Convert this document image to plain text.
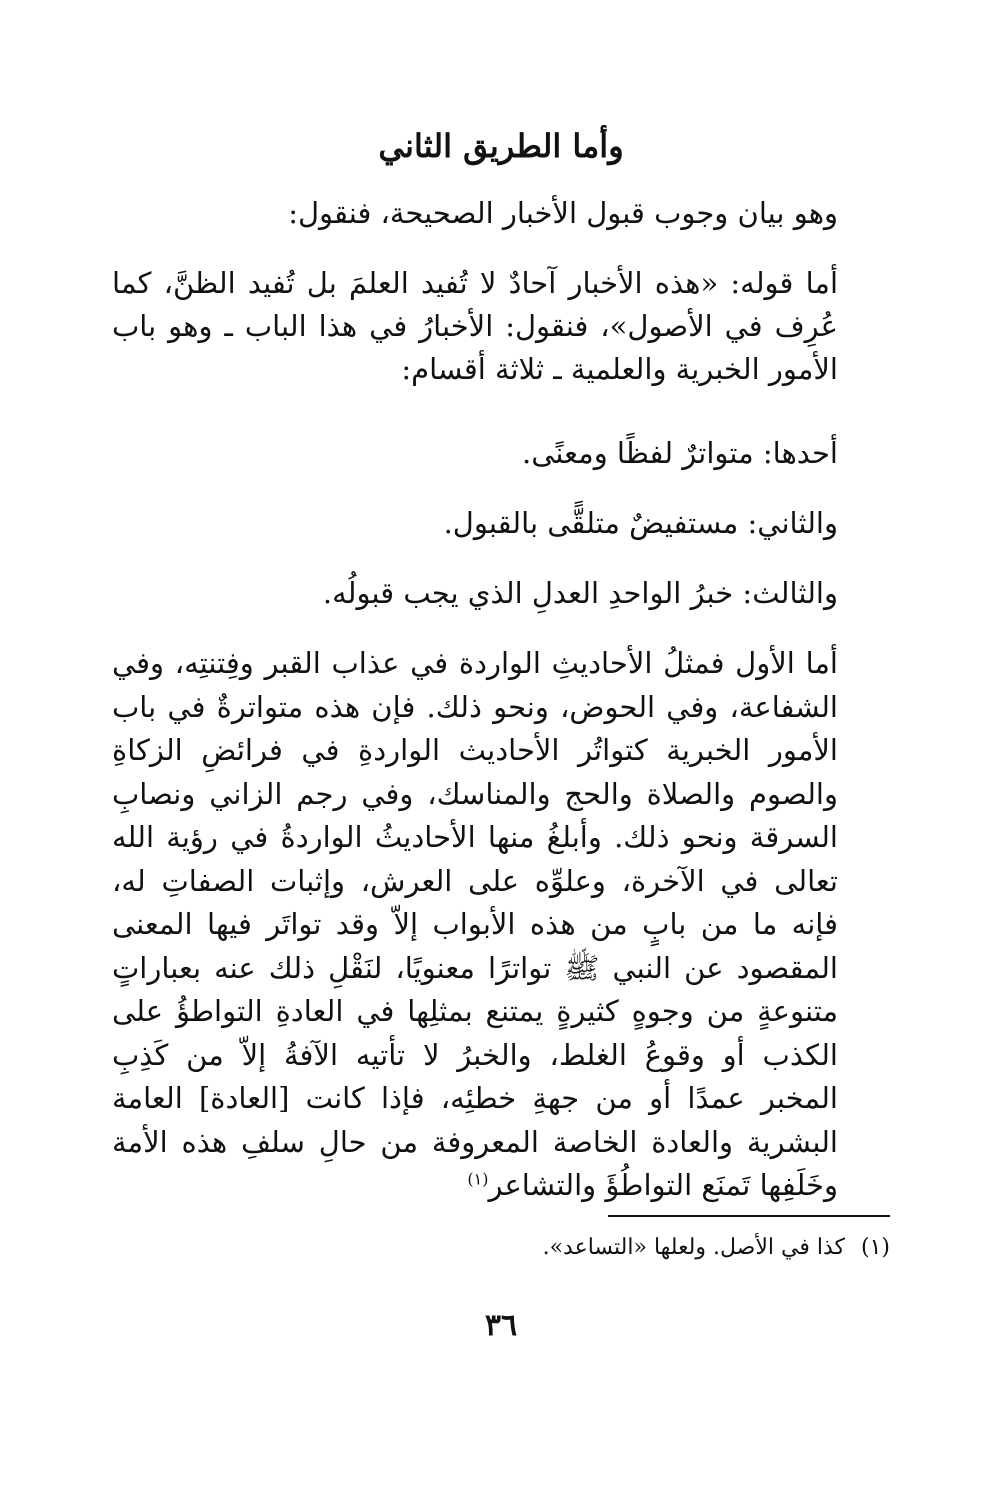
وأما الطريق الثاني
وهو بيان وجوب قبول الأخبار الصحيحة، فنقول:
أما قوله: «هذه الأخبار آحادٌ لا تُفيد العلمَ بل تُفيد الظنَّ، كما عُرِف في الأصول»، فنقول: الأخبارُ في هذا الباب ـ وهو باب الأمور الخبرية والعلمية ـ ثلاثة أقسام:
أحدها: متواترٌ لفظًا ومعنًى.
والثاني: مستفيضٌ متلقًّى بالقبول.
والثالث: خبرُ الواحدِ العدلِ الذي يجب قبولُه.
أما الأول فمثلُ الأحاديثِ الواردة في عذاب القبر وفِتنتِه، وفي الشفاعة، وفي الحوض، ونحو ذلك. فإن هذه متواترةٌ في باب الأمور الخبرية كتواتُر الأحاديث الواردةِ في فرائضِ الزكاةِ والصوم والصلاة والحج والمناسك، وفي رجم الزاني ونصابِ السرقة ونحو ذلك. وأبلغُ منها الأحاديثُ الواردةُ في رؤية الله تعالى في الآخرة، وعلوِّه على العرش، وإثبات الصفاتِ له، فإنه ما من بابٍ من هذه الأبواب إلاّ وقد تواتَر فيها المعنى المقصود عن النبي ﷺ تواترًا معنويًا، لنَقْلِ ذلك عنه بعباراتٍ متنوعةٍ من وجوهٍ كثيرةٍ يمتنع بمثلِها في العادةِ التواطؤُ على الكذب أو وقوعُ الغلط، والخبرُ لا تأتيه الآفةُ إلاّ من كَذِبِ المخبر عمدًا أو من جهةِ خطئِه، فإذا كانت [العادة] العامة البشرية والعادة الخاصة المعروفة من حالِ سلفِ هذه الأمة وخَلَفِها تَمنَع التواطُؤَ والتشاعر$^{(١)}$
(١)كذا في الأصل. ولعلها «التساعد».
٣٦
